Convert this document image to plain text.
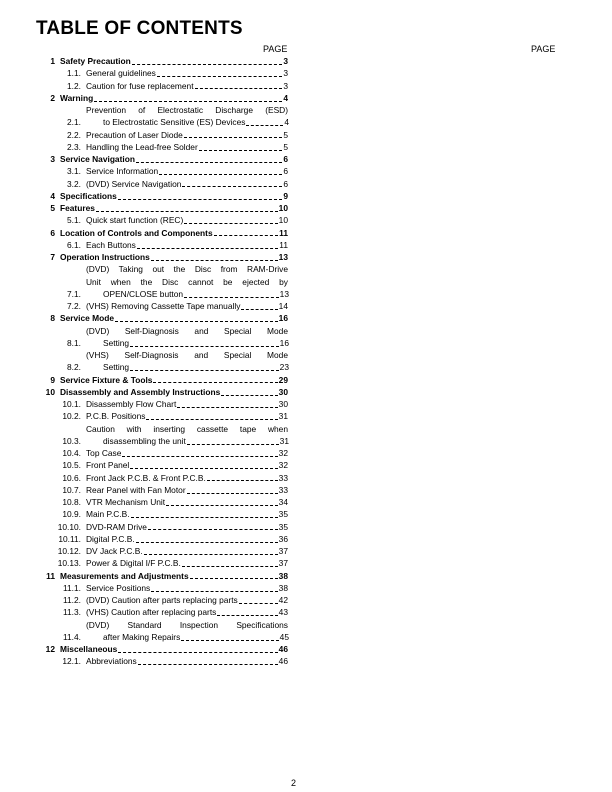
TABLE OF CONTENTS
PAGE	PAGE
1 Safety Precaution	3
1.1. General guidelines	3
1.2. Caution for fuse replacement	3
2 Warning	4
2.1.
Prevention of Electrostatic Discharge (ESD)
to Electrostatic Sensitive (ES) Devices	4
2.2. Precaution of Laser Diode	5
2.3. Handling the Lead-free Solder	5
3 Service Navigation	6
3.1. Service Information	6
3.2. (DVD) Service Navigation	6
4 Specifications	9
5 Features	10
5.1. Quick start function (REC)	10
6 Location of Controls and Components	11
6.1. Each Buttons	11
7 Operation Instructions	13
7.1.
(DVD) Taking out the Disc from RAM-Drive
Unit when the Disc cannot be ejected by
OPEN/CLOSE button	13
7.2. (VHS) Removing Cassette Tape manually	14
8 Service Mode	16
8.1.
(DVD) Self-Diagnosis and Special Mode
Setting	16
8.2.
(VHS) Self-Diagnosis and Special Mode
Setting	23
9 Service Fixture & Tools	29
10 Disassembly and Assembly Instructions	30
10.1. Disassembly Flow Chart	30
10.2. P.C.B. Positions	31
10.3.
Caution with inserting cassette tape when
disassembling the unit	31
10.4. Top Case	32
10.5. Front Panel	32
10.6. Front Jack P.C.B. & Front P.C.B.	33
10.7. Rear Panel with Fan Motor	33
10.8. VTR Mechanism Unit	34
10.9. Main P.C.B.	35
10.10. DVD-RAM Drive	35
10.11. Digital P.C.B.	36
10.12. DV Jack P.C.B.	37
10.13. Power & Digital I/F P.C.B.	37
11 Measurements and Adjustments	38
11.1. Service Positions	38
11.2. (DVD) Caution after parts replacing parts	42
11.3. (VHS) Caution after replacing parts	43
11.4.
(DVD) Standard Inspection Specifications
after Making Repairs	45
12 Miscellaneous	46
12.1. Abbreviations	46
2
